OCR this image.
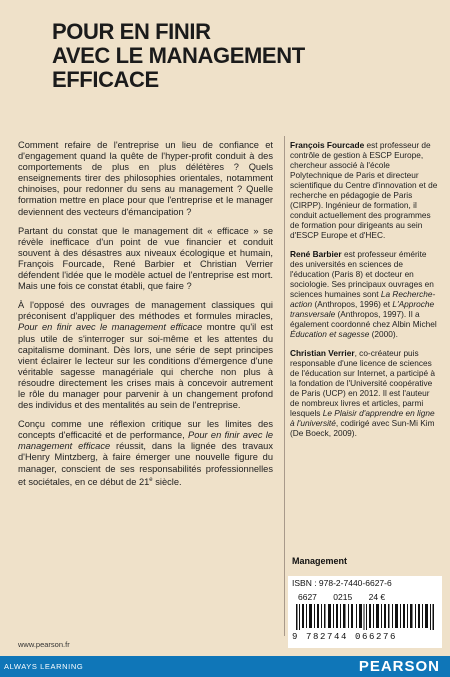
POUR EN FINIR
AVEC LE MANAGEMENT
EFFICACE

Comment refaire de l'entreprise un lieu de confiance et d'engagement quand la quête de l'hyper-profit conduit à des comportements de plus en plus délétères ? Quels enseignements tirer des philosophies orientales, notamment chinoises, pour redonner du sens au management ? Quelle formation mettre en place pour que l'entreprise et le manager deviennent des vecteurs d'émancipation ?

Partant du constat que le management dit « efficace » se révèle inefficace d'un point de vue financier et conduit souvent à des désastres aux niveaux écologique et humain, François Fourcade, René Barbier et Christian Verrier défendent l'idée que le modèle actuel de l'entreprise est mort. Mais une fois ce constat établi, que faire ?

À l'opposé des ouvrages de management classiques qui préconisent d'appliquer des méthodes et formules miracles, Pour en finir avec le management efficace montre qu'il est plus utile de s'interroger sur soi-même et les attentes du capitalisme dominant. Dès lors, une série de sept principes vient éclairer le lecteur sur les conditions d'émergence d'une véritable sagesse managériale qui cherche non plus à résoudre directement les crises mais à concevoir autrement le rôle du manager pour parvenir à un changement profond des individus et des mentalités au sein de l'entreprise.

Conçu comme une réflexion critique sur les limites des concepts d'efficacité et de performance, Pour en finir avec le management efficace réussit, dans la lignée des travaux d'Henry Mintzberg, à faire émerger une nouvelle figure du manager, conscient de ses responsabilités professionnelles et sociétales, en ce début de 21e siècle.

François Fourcade est professeur de contrôle de gestion à ESCP Europe, chercheur associé à l'école Polytechnique de Paris et directeur scientifique du Centre d'innovation et de recherche en pédagogie de Paris (CIRPP). Ingénieur de formation, il conduit actuellement des programmes de formation pour dirigeants au sein d'ESCP Europe et d'HEC.

René Barbier est professeur émérite des universités en sciences de l'éducation (Paris 8) et docteur en sociologie. Ses principaux ouvrages en sciences humaines sont La Recherche-action (Anthropos, 1996) et L'Approche transversale (Anthropos, 1997). Il a également coordonné chez Albin Michel Éducation et sagesse (2000).

Christian Verrier, co-créateur puis responsable d'une licence de sciences de l'éducation sur Internet, a participé à la fondation de l'Université coopérative de Paris (UCP) en 2012. Il est l'auteur de nombreux livres et articles, parmi lesquels Le Plaisir d'apprendre en ligne à l'université, codirigé avec Sun-Mi Kim (De Boeck, 2009).

Management
ISBN : 978-2-7440-6627-6
6627 0215 24 €
9 782744 066276
www.pearson.fr
ALWAYS LEARNING	PEARSON
